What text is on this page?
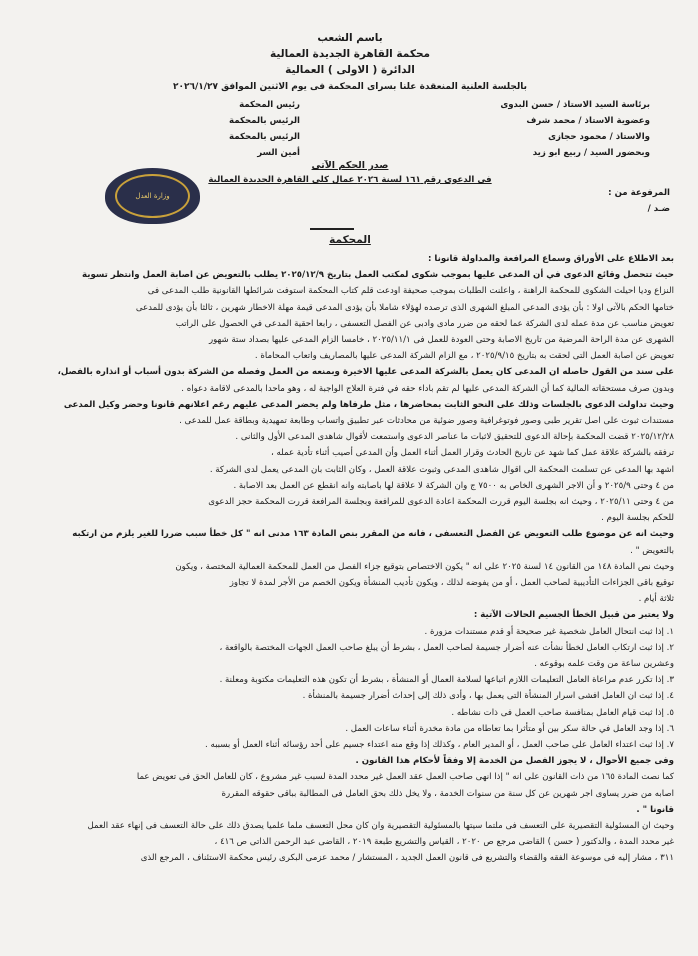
باسم الشعب
محكمة القاهرة الجديدة العمالية
الدائرة ( الاولى ) العمالية
بالجلسة العلنية المنعقدة علنا بسراى المحكمة فى يوم الاثنين الموافق ٢٠٢٦/١/٢٧
برئاسة السيد الاستاذ / حسن البدوى
رئيس المحكمة
وعضوية الاستاذ / محمد شرف
الرئيس بالمحكمة
والاستاذ / محمود حجازى
الرئيس بالمحكمة
وبحضور السيد / ربيع ابو زيد
أمين السر
صدر الحكم الآتى
فى الدعوى رقم ١٦١ لسنة ٢٠٢٦ عمال كلى القاهرة الجديدة العمالية
المرفوعة من :
ضـد /
وزارة العدل
المحكمة
بعد الاطلاع على الأوراق وسماع المرافعة والمداولة قانونا :
حيث تتحصل وقائع الدعوى في أن المدعى عليها بموجب شكوى لمكتب العمل بتاريخ ٢٠٢٥/١٢/٩ يطلب بالتعويض عن اصابة العمل وانتظر تسوية
النزاع وديا احيلت الشكوى للمحكمة الراهنة ، واعلنت الطلبات بموجب صحيفة اودعت قلم كتاب المحكمة استوفت شرائطها القانونية طلب المدعى فى
ختامها الحكم بالآتى اولا : بأن يؤدى المدعى المبلغ الشهرى الذى ترصده لهؤلاء شاملا بأن يؤدى المدعى قيمة مهلة الاخطار شهرين ، ثالثا بأن يؤدى للمدعى
تعويض مناسب عن مدة عمله لدى الشركة عما لحقه من ضرر مادى وادبى عن الفصل التعسفى ، رابعا احقية المدعى في الحصول على الراتب
الشهرى عن مدة الراحة المرضية من تاريخ الاصابة وحتى العودة للعمل فى ٢٠٢٥/١١/١ ، خامسا الزام المدعى عليها بصداد ستة شهور
تعويض عن اصابة العمل التى لحقت به بتاريخ ٢٠٢٥/٩/١٥ ، مع الزام الشركة المدعى عليها بالمصاريف واتعاب المحاماة .
على سند من القول حاصله ان المدعى كان يعمل بالشركة المدعى عليها الاخيرة وبمنعه من العمل وفصله من الشركة بدون أسباب أو انذاره بالفصل،
وبدون صرف مستحقاته المالية كما أن الشركة المدعى عليها لم تقم باداء حقه في فترة العلاج الواجبة له ، وهو ماحدا بالمدعى لاقامة دعواه .
وحيث تداولت الدعوى بالجلسات وذلك على النحو الثابت بمحاضرها ، مثل طرفاها ولم يحضر المدعى عليهم رغم اعلانهم قانونا وحضر وكيل المدعى
مستندات ثبوت على اصل تقرير طبى وصور فوتوغرافية وصور ضوئية من محادثات عبر تطبيق واتساب وطابعة تمهيدية وبطاقة عمل للمدعى .
٢٠٢٥/١٢/٢٨ قضت المحكمة بإحالة الدعوى للتحقيق لاثبات ما عناصر الدعوى واستمعت لأقوال شاهدى المدعى الأول والثانى .
ترفقه بالشركة علاقة عمل كما شهد عن تاريخ الحادث وقرار العمل أثناء العمل وأن المدعى أصيب أثناء تأدية عمله ،
اشهد بها المدعى عن تسلمت المحكمة الى اقوال شاهدى المدعى وثبوت علاقة العمل ، وكان الثابت بان المدعى يعمل لدى الشركة .
من ٤ وحتى ٢٠٢٥/٩ و أن الاجر الشهرى الخاص به ٧٥٠٠ ج وان الشركة لا علاقة لها باصابته وانه انقطع عن العمل بعد الاصابة .
من ٤ وحتى ٢٠٢٥/١١ ، وحيث انه بجلسة اليوم قررت المحكمة اعادة الدعوى للمرافعة وبجلسة المرافعة قررت المحكمة حجز الدعوى
للحكم بجلسة اليوم .
وحيث انه عن موضوع طلب التعويض عن الفصل التعسفى ، فانه من المقرر بنص المادة ١٦٣ مدنى انه " كل خطأ سبب ضررا للغير يلزم من ارتكبه
بالتعويض " .
وحيث نص المادة ١٤٨ من القانون ١٤ لسنة ٢٠٢٥ على انه " يكون الاختصاص بتوقيع جزاء الفصل من العمل للمحكمة العمالية المختصة ، ويكون
توقيع باقى الجزاءات التأديبية لصاحب العمل ، أو من يفوضه لذلك ، ويكون تأديب المنشأة ويكون الخصم من الأجر لمدة لا تجاوز
ثلاثة أيام .
ولا يعتبر من قبيل الخطأ الجسيم الحالات الآتية :
١. إذا ثبت انتحال العامل شخصية غير صحيحة أو قدم مستندات مزورة .
٢. إذا ثبت ارتكاب العامل لخطأ نشأت عنه أضرار جسيمة لصاحب العمل ، بشرط أن يبلغ صاحب العمل الجهات المختصة بالواقعة ،
وعشرين ساعة من وقت علمه بوقوعه .
٣. إذا تكرر عدم مراعاة العامل التعليمات اللازم اتباعها لسلامة العمال أو المنشأة ، بشرط أن تكون هذه التعليمات مكتوبة ومعلنة .
٤. إذا ثبت ان العامل افشى اسرار المنشأة التى يعمل بها ، وأدى ذلك إلى إحداث أضرار جسيمة بالمنشأة .
٥. إذا ثبت قيام العامل بمنافسة صاحب العمل فى ذات نشاطه .
٦. إذا وجد العامل في حالة سكر بين أو متأثرا بما تعاطاه من مادة مخدرة أثناء ساعات العمل .
٧. إذا ثبت اعتداء العامل على صاحب العمل ، أو المدير العام ، وكذلك إذا وقع منه اعتداء جسيم على أحد رؤسائه أثناء العمل أو بسببه .
وفى جميع الأحوال ، لا يجوز الفصل من الخدمة إلا وفقاً لأحكام هذا القانون .
كما نصت المادة ١٦٥ من ذات القانون على انه " إذا انهى صاحب العمل عقد العمل غير محدد المدة لسبب غير مشروع ، كان للعامل الحق فى تعويض عما
اصابه من ضرر يساوى اجر شهرين عن كل سنة من سنوات الخدمة ، ولا يخل ذلك بحق العامل فى المطالبة بباقى حقوقه المقررة
قانونا " .
وحيث ان المسئولية التقصيرية على التعسف فى ملتما سيتها بالمسئولية التقصيرية وان كان محل التعسف ملما علميا يصدق ذلك على حالة التعسف فى إنهاء عقد العمل
غير محدد المدة ، والدكتور ( حسن ) القاضى مرجع ص ٢٠٢٠ ، القياس والتشريع طبعة ٢٠١٩ ، القاضى عبد الرحمن الذاتى ص ٤١٦ ،
٣١١ ، مشار إليه فى موسوعة الفقه والقضاء والتشريع فى قانون العمل الجديد ، المستشار / محمد عزمى البكرى رئيس محكمة الاستئناف ، المرجع الذى
